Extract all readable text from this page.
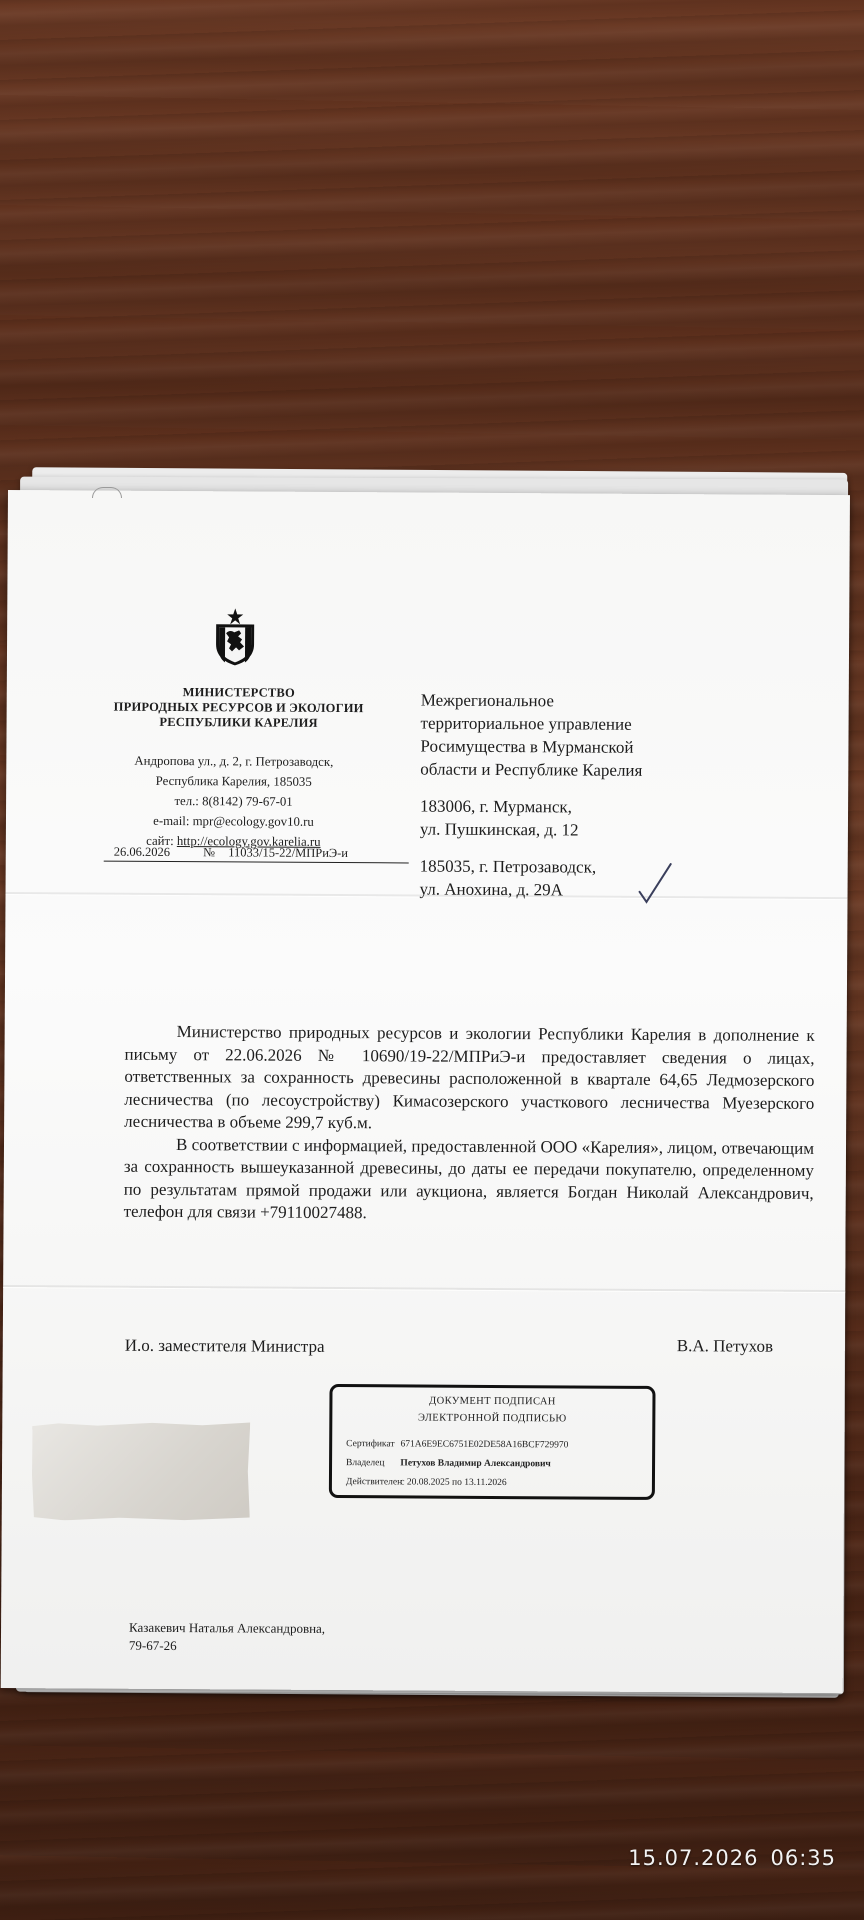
МИНИСТЕРСТВО
ПРИРОДНЫХ РЕСУРСОВ И ЭКОЛОГИИ
РЕСПУБЛИКИ КАРЕЛИЯ
Андропова ул., д. 2, г. Петрозаводск,
Республика Карелия, 185035
тел.: 8(8142) 79-67-01
e-mail: mpr@ecology.gov10.ru
сайт: http://ecology.gov.karelia.ru
26.06.2026	№ 11033/15-22/МПРиЭ-и
Межрегиональное
территориальное управление
Росимущества в Мурманской
области и Республике Карелия
183006, г. Мурманск,
ул. Пушкинская, д. 12
185035, г. Петрозаводск,
ул. Анохина, д. 29А

Министерство природных ресурсов и экологии Республики Карелия в дополнение к письму от 22.06.2026 № 10690/19-22/МПРиЭ-и предоставляет сведения о лицах, ответственных за сохранность древесины расположенной в квартале 64,65 Ледмозерского лесничества (по лесоустройству) Кимасозерского участкового лесничества Муезерского лесничества в объеме 299,7 куб.м.

В соответствии с информацией, предоставленной ООО «Карелия», лицом, отвечающим за сохранность вышеуказанной древесины, до даты ее передачи покупателю, определенному по результатам прямой продажи или аукциона, является Богдан Николай Александрович, телефон для связи +79110027488.

И.о. заместителя Министра	В.А. Петухов
ДОКУМЕНТ ПОДПИСАН
ЭЛЕКТРОННОЙ ПОДПИСЬЮ
Сертификат 671A6E9EC6751E02DE58A16BCF729970
Владелец Петухов Владимир Александрович
Действителен с 20.08.2025 по 13.11.2026
Казакевич Наталья Александровна,
79-67-26
15.07.2026 06:35
